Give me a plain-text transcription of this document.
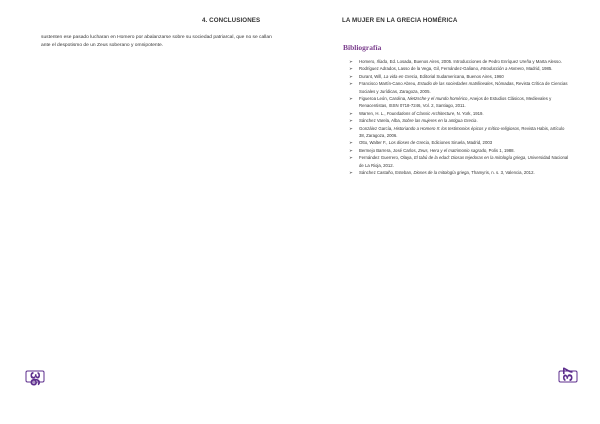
4. CONCLUSIONES

sustenten ese pasado lucharan en Homero por abalanzarse sobre su sociedad patriarcal, que no se callan ante el despotismo de un Zeus soberano y omnipotente.

36
LA MUJER EN LA GRECIA HOMÉRICA
Bibliografía
➢ Homero, Ilíada, Ed. Losada, Buenos Aires, 2005. Introducciones de Pedro Enríquez Ureña y Marta Alesso.
➢ Rodríguez Adrados, Lasso de la Vega, Gil, Fernández-Galiano, Introducción a Homero, Madrid, 1985.
➢ Durant, Will, La vida en Grecia, Editorial Sudamericana, Buenos Aires, 1960
➢ Francisco Martín-Cano Abreu, Estudio de las sociedades matrilineales, Nómadas, Revista Crítica de Ciencias Sociales y Jurídicas, Zaragoza, 2005.
➢ Figueroa León, Carolina, Nietzsche y el mundo homérico, Anejos de Estudios Clásicos, Medievales y Renacentistas, ISSN 0718-7246, Vol. 2, Santiago, 2011.
➢ Warren, H. L., Foundations of Classic Architecture, N. York, 1919.
➢ Sánchez Varela, Alba, Sobre las mujeres en la antigua Grecia.
➢ González García, Historiando a Homero II: los testimonios épicos y mítico-religiosos, Revista Habis, artículo 38, Zaragoza, 2006.
➢ Otto, Walter F., Los dioses de Grecia, Ediciones Siruela, Madrid, 2003
➢ Bermejo Barrera, José Carlos, Zeus, Hera y el matrimonio sagrado, Polis 1, 1988.
➢ Fernández Guerrero, Olaya, El tabú de la edad: Diosas tejedoras en la mitología griega, Universidad Nacional de La Rioja, 2012.
➢ Sánchez Castaño, Esteban, Dioses de la mitología griega, Thamyris, n. s. 3, Valencia, 2012.
37
